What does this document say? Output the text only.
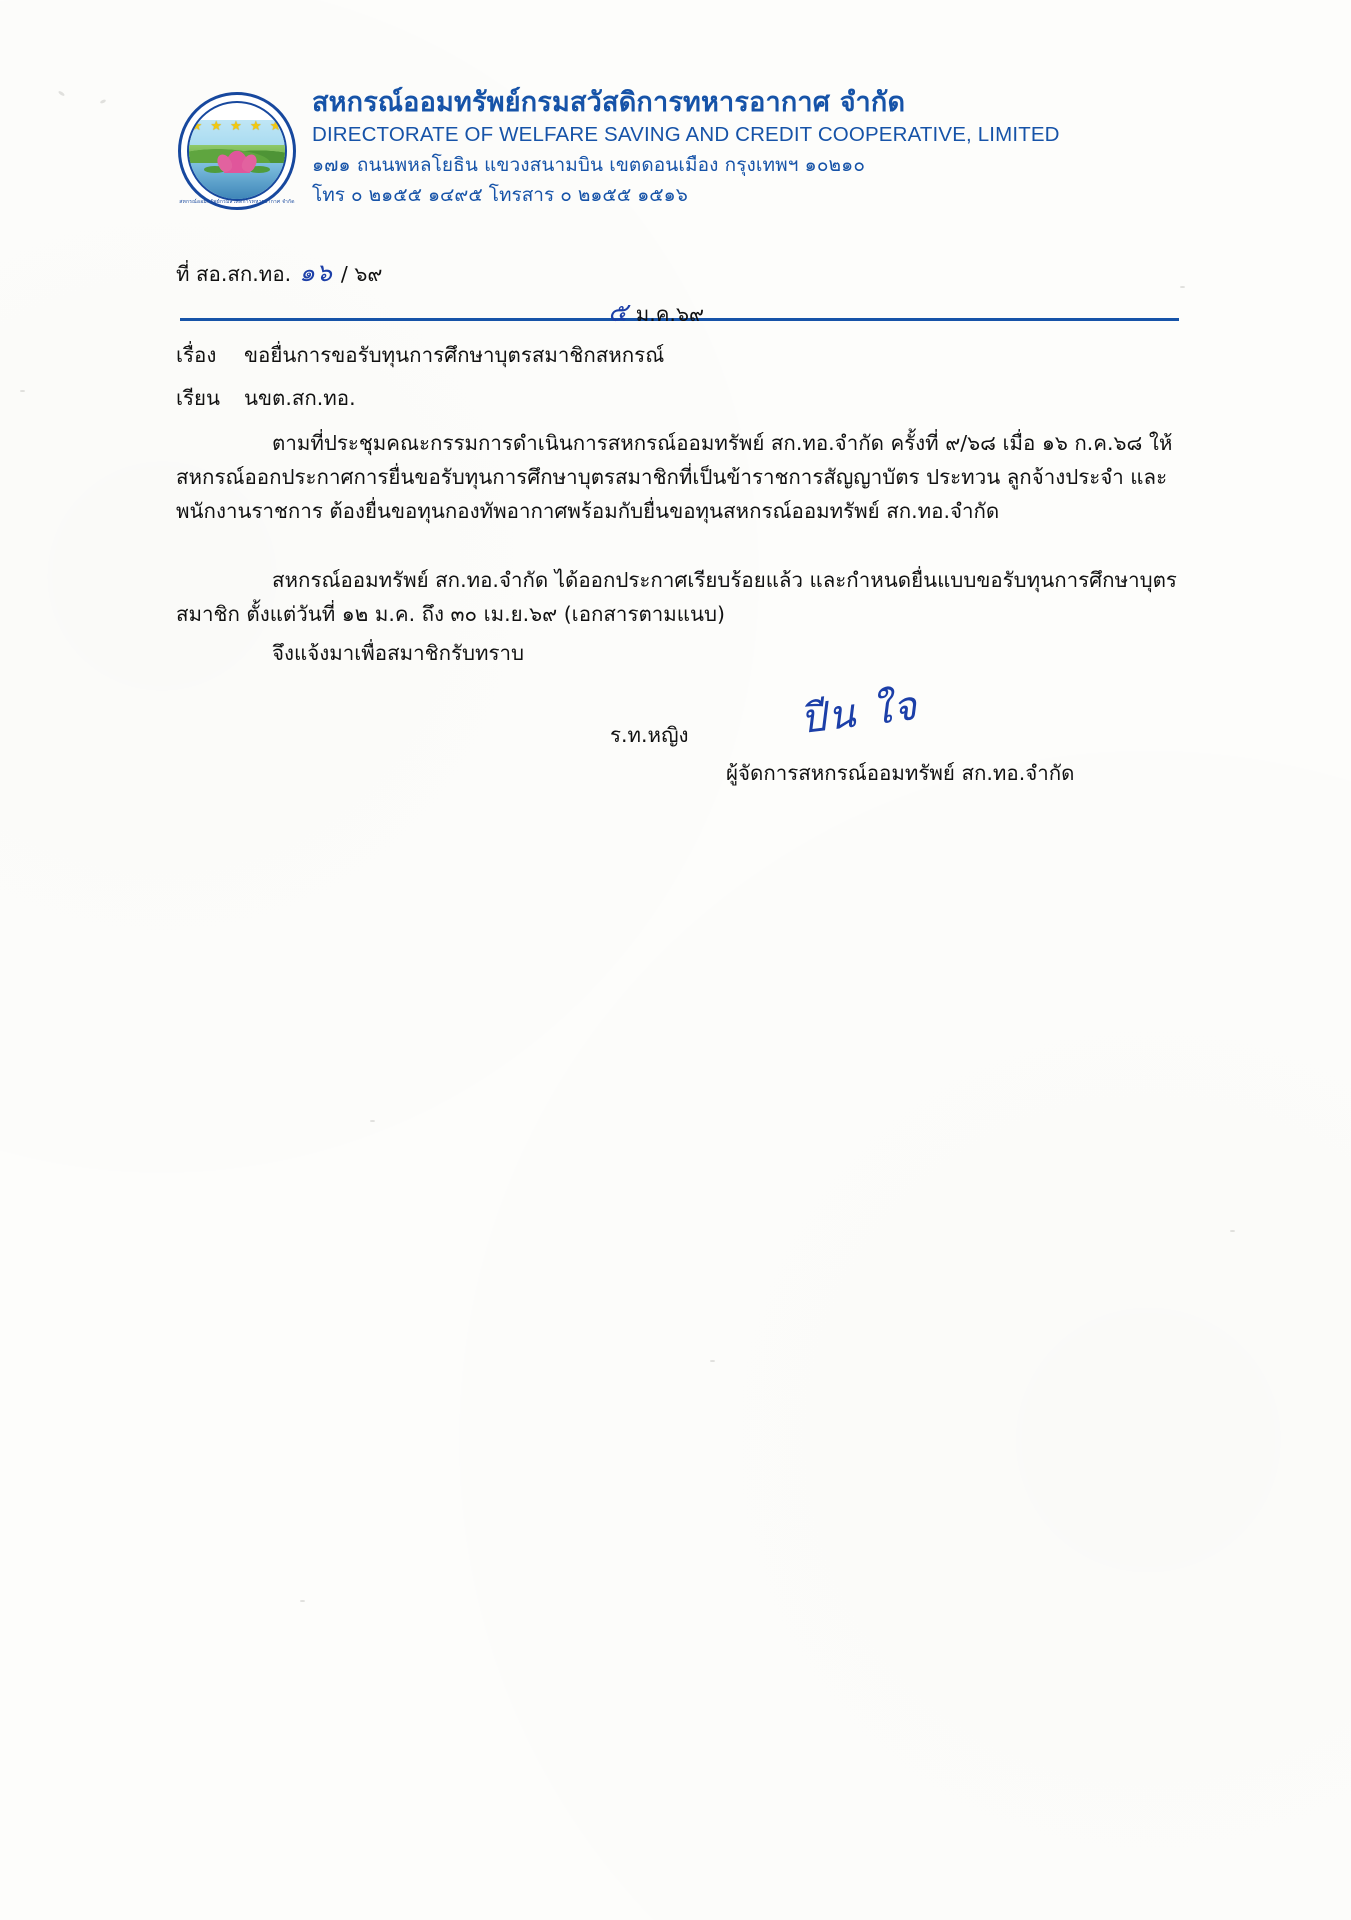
★ ★ ★ ★ ★
สหกรณ์ออมทรัพย์กรมสวัสดิการทหารอากาศ จำกัด
สหกรณ์ออมทรัพย์กรมสวัสดิการทหารอากาศ จำกัด
DIRECTORATE OF WELFARE SAVING AND CREDIT COOPERATIVE, LIMITED
๑๗๑ ถนนพหลโยธิน แขวงสนามบิน เขตดอนเมือง กรุงเทพฯ ๑๐๒๑๐
โทร ๐ ๒๑๕๕ ๑๔๙๕ โทรสาร ๐ ๒๑๕๕ ๑๕๑๖
ที่ สอ.สก.ทอ. ๑๖ / ๖๙
๕ ม.ค.๖๙
เรื่อง ขอยื่นการขอรับทุนการศึกษาบุตรสมาชิกสหกรณ์
เรียน นขต.สก.ทอ.
ตามที่ประชุมคณะกรรมการดำเนินการสหกรณ์ออมทรัพย์ สก.ทอ.จำกัด ครั้งที่ ๙/๖๘ เมื่อ ๑๖ ก.ค.๖๘ ให้สหกรณ์ออกประกาศการยื่นขอรับทุนการศึกษาบุตรสมาชิกที่เป็นข้าราชการสัญญาบัตร ประทวน ลูกจ้างประจำ และพนักงานราชการ ต้องยื่นขอทุนกองทัพอากาศพร้อมกับยื่นขอทุนสหกรณ์ออมทรัพย์ สก.ทอ.จำกัด
สหกรณ์ออมทรัพย์ สก.ทอ.จำกัด ได้ออกประกาศเรียบร้อยแล้ว และกำหนดยื่นแบบขอรับทุนการศึกษาบุตรสมาชิก ตั้งแต่วันที่ ๑๒ ม.ค. ถึง ๓๐ เม.ย.๖๙ (เอกสารตามแนบ)
จึงแจ้งมาเพื่อสมาชิกรับทราบ
ร.ท.หญิง	ปีน ใจ
ผู้จัดการสหกรณ์ออมทรัพย์ สก.ทอ.จำกัด
